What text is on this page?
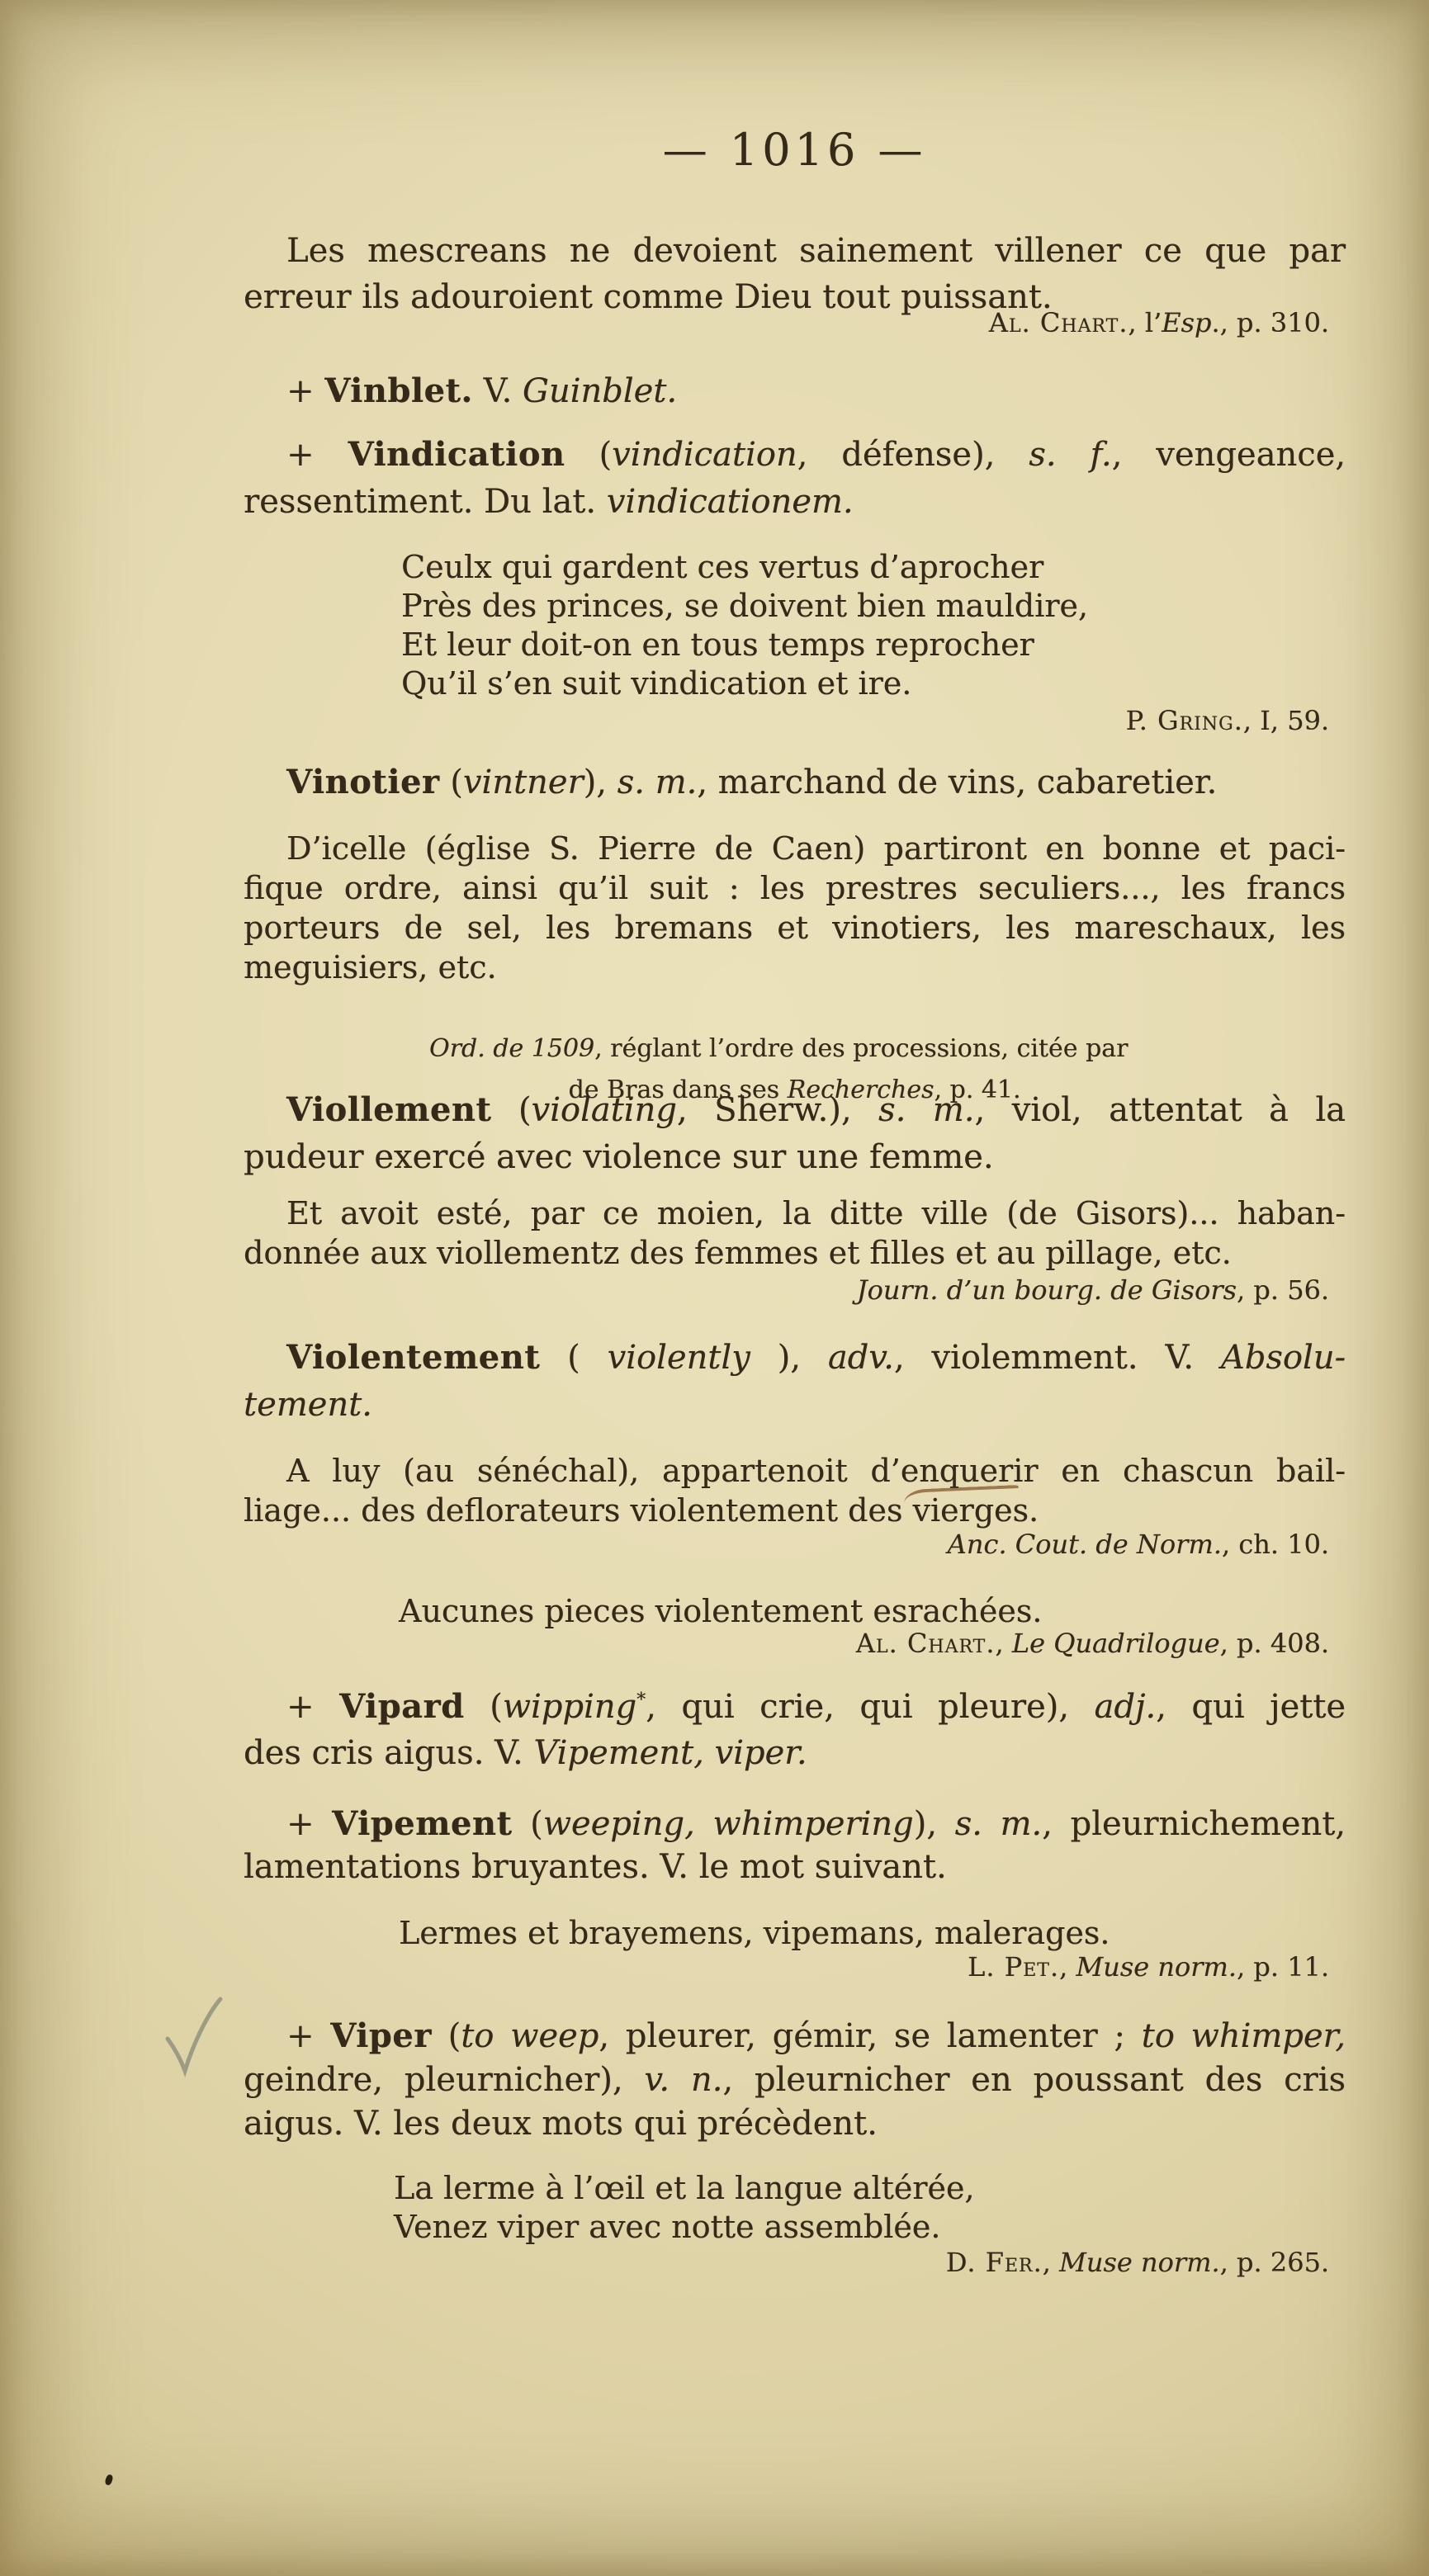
— 1016 —
Les mescreans ne devoient sainement villener ce que par
erreur ils adouroient comme Dieu tout puissant.
Al. Chart., l’Esp., p. 310.
+ Vinblet. V. Guinblet.
+ Vindication (vindication, défense), s. f., vengeance,
ressentiment. Du lat. vindicationem.
Ceulx qui gardent ces vertus d’aprocher
Près des princes, se doivent bien mauldire,
Et leur doit-on en tous temps reprocher
Qu’il s’en suit vindication et ire.
P. Gring., I, 59.
Vinotier (vintner), s. m., marchand de vins, cabaretier.
D’icelle (église S. Pierre de Caen) partiront en bonne et paci-
fique ordre, ainsi qu’il suit : les prestres seculiers..., les francs
porteurs de sel, les bremans et vinotiers, les mareschaux, les
meguisiers, etc.
Ord. de 1509, réglant l’ordre des processions, citée par
de Bras dans ses Recherches, p. 41.
Viollement (violating, Sherw.), s. m., viol, attentat à la
pudeur exercé avec violence sur une femme.
Et avoit esté, par ce moien, la ditte ville (de Gisors)... haban-
donnée aux viollementz des femmes et filles et au pillage, etc.
Journ. d’un bourg. de Gisors, p. 56.
Violentement ( violently ), adv., violemment. V. Absolu-
tement.
A luy (au sénéchal), appartenoit d’enquerir en chascun bail-
liage... des deflorateurs violentement des vierges.
Anc. Cout. de Norm., ch. 10.
Aucunes pieces violentement esrachées.
Al. Chart., Le Quadrilogue, p. 408.
+ Vipard (wipping*, qui crie, qui pleure), adj., qui jette
des cris aigus. V. Vipement, viper.
+ Vipement (weeping, whimpering), s. m., pleurnichement,
lamentations bruyantes. V. le mot suivant.
Lermes et brayemens, vipemans, malerages.
L. Pet., Muse norm., p. 11.
+ Viper (to weep, pleurer, gémir, se lamenter ; to whimper,
geindre, pleurnicher), v. n., pleurnicher en poussant des cris
aigus. V. les deux mots qui précèdent.
La lerme à l’œil et la langue altérée,
Venez viper avec notte assemblée.
D. Fer., Muse norm., p. 265.
